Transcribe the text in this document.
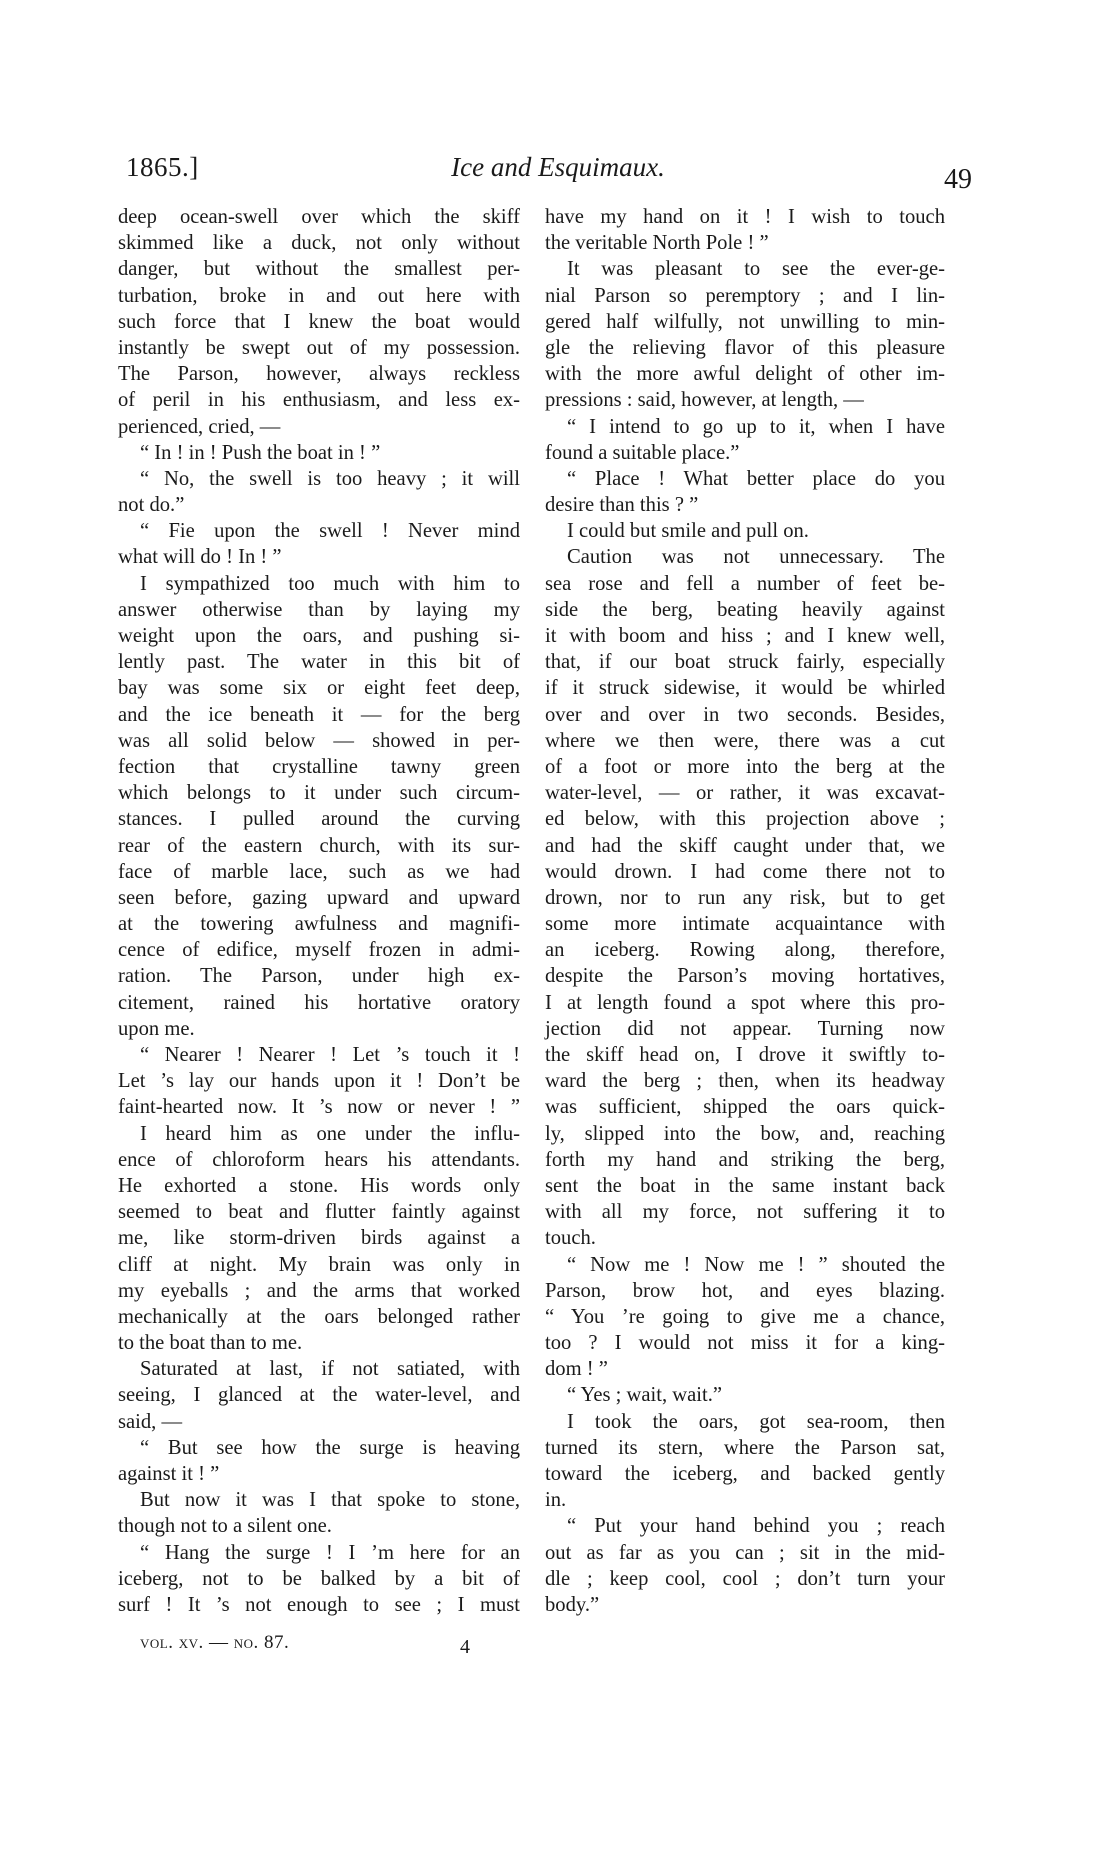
1865.]	Ice and Esquimaux.	49
deep ocean-swell over which the skiff
skimmed like a duck, not only without
danger, but without the smallest per-
turbation, broke in and out here with
such force that I knew the boat would
instantly be swept out of my possession.
The Parson, however, always reckless
of peril in his enthusiasm, and less ex-
perienced, cried, —
“ In ! in ! Push the boat in ! ”
“ No, the swell is too heavy ; it will
not do.”
“ Fie upon the swell ! Never mind
what will do ! In ! ”
I sympathized too much with him to
answer otherwise than by laying my
weight upon the oars, and pushing si-
lently past. The water in this bit of
bay was some six or eight feet deep,
and the ice beneath it — for the berg
was all solid below — showed in per-
fection that crystalline tawny green
which belongs to it under such circum-
stances. I pulled around the curving
rear of the eastern church, with its sur-
face of marble lace, such as we had
seen before, gazing upward and upward
at the towering awfulness and magnifi-
cence of edifice, myself frozen in admi-
ration. The Parson, under high ex-
citement, rained his hortative oratory
upon me.
“ Nearer ! Nearer ! Let ’s touch it !
Let ’s lay our hands upon it ! Don’t be
faint-hearted now. It ’s now or never ! ”
I heard him as one under the influ-
ence of chloroform hears his attendants.
He exhorted a stone. His words only
seemed to beat and flutter faintly against
me, like storm-driven birds against a
cliff at night. My brain was only in
my eyeballs ; and the arms that worked
mechanically at the oars belonged rather
to the boat than to me.
Saturated at last, if not satiated, with
seeing, I glanced at the water-level, and
said, —
“ But see how the surge is heaving
against it ! ”
But now it was I that spoke to stone,
though not to a silent one.
“ Hang the surge ! I ’m here for an
iceberg, not to be balked by a bit of
surf ! It ’s not enough to see ; I must
have my hand on it ! I wish to touch
the veritable North Pole ! ”
It was pleasant to see the ever-ge-
nial Parson so peremptory ; and I lin-
gered half wilfully, not unwilling to min-
gle the relieving flavor of this pleasure
with the more awful delight of other im-
pressions : said, however, at length, —
“ I intend to go up to it, when I have
found a suitable place.”
“ Place ! What better place do you
desire than this ? ”
I could but smile and pull on.
Caution was not unnecessary. The
sea rose and fell a number of feet be-
side the berg, beating heavily against
it with boom and hiss ; and I knew well,
that, if our boat struck fairly, especially
if it struck sidewise, it would be whirled
over and over in two seconds. Besides,
where we then were, there was a cut
of a foot or more into the berg at the
water-level, — or rather, it was excavat-
ed below, with this projection above ;
and had the skiff caught under that, we
would drown. I had come there not to
drown, nor to run any risk, but to get
some more intimate acquaintance with
an iceberg. Rowing along, therefore,
despite the Parson’s moving hortatives,
I at length found a spot where this pro-
jection did not appear. Turning now
the skiff head on, I drove it swiftly to-
ward the berg ; then, when its headway
was sufficient, shipped the oars quick-
ly, slipped into the bow, and, reaching
forth my hand and striking the berg,
sent the boat in the same instant back
with all my force, not suffering it to
touch.
“ Now me ! Now me ! ” shouted the
Parson, brow hot, and eyes blazing.
“ You ’re going to give me a chance,
too ? I would not miss it for a king-
dom ! ”
“ Yes ; wait, wait.”
I took the oars, got sea-room, then
turned its stern, where the Parson sat,
toward the iceberg, and backed gently
in.
“ Put your hand behind you ; reach
out as far as you can ; sit in the mid-
dle ; keep cool, cool ; don’t turn your
body.”
vol. xv. — no. 87.	4
